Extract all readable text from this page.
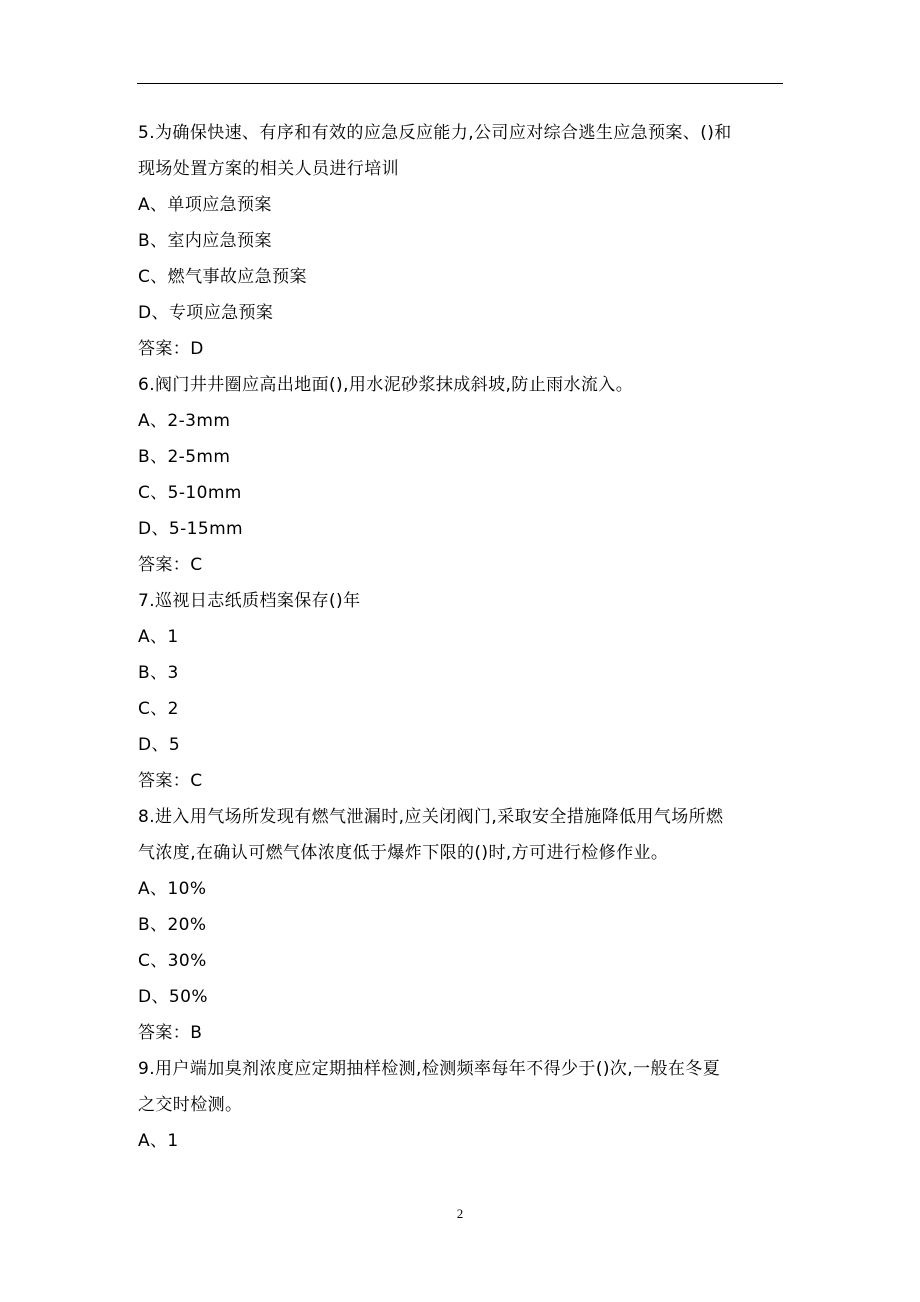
5.为确保快速、有序和有效的应急反应能力,公司应对综合逃生应急预案、()和
现场处置方案的相关人员进行培训
A、单项应急预案
B、室内应急预案
C、燃气事故应急预案
D、专项应急预案
答案：D
6.阀门井井圈应高出地面(),用水泥砂浆抹成斜坡,防止雨水流入。
A、2-3mm
B、2-5mm
C、5-10mm
D、5-15mm
答案：C
7.巡视日志纸质档案保存()年
A、1
B、3
C、2
D、5
答案：C
8.进入用气场所发现有燃气泄漏时,应关闭阀门,采取安全措施降低用气场所燃
气浓度,在确认可燃气体浓度低于爆炸下限的()时,方可进行检修作业。
A、10%
B、20%
C、30%
D、50%
答案：B
9.用户端加臭剂浓度应定期抽样检测,检测频率每年不得少于()次,一般在冬夏
之交时检测。
A、1
2
